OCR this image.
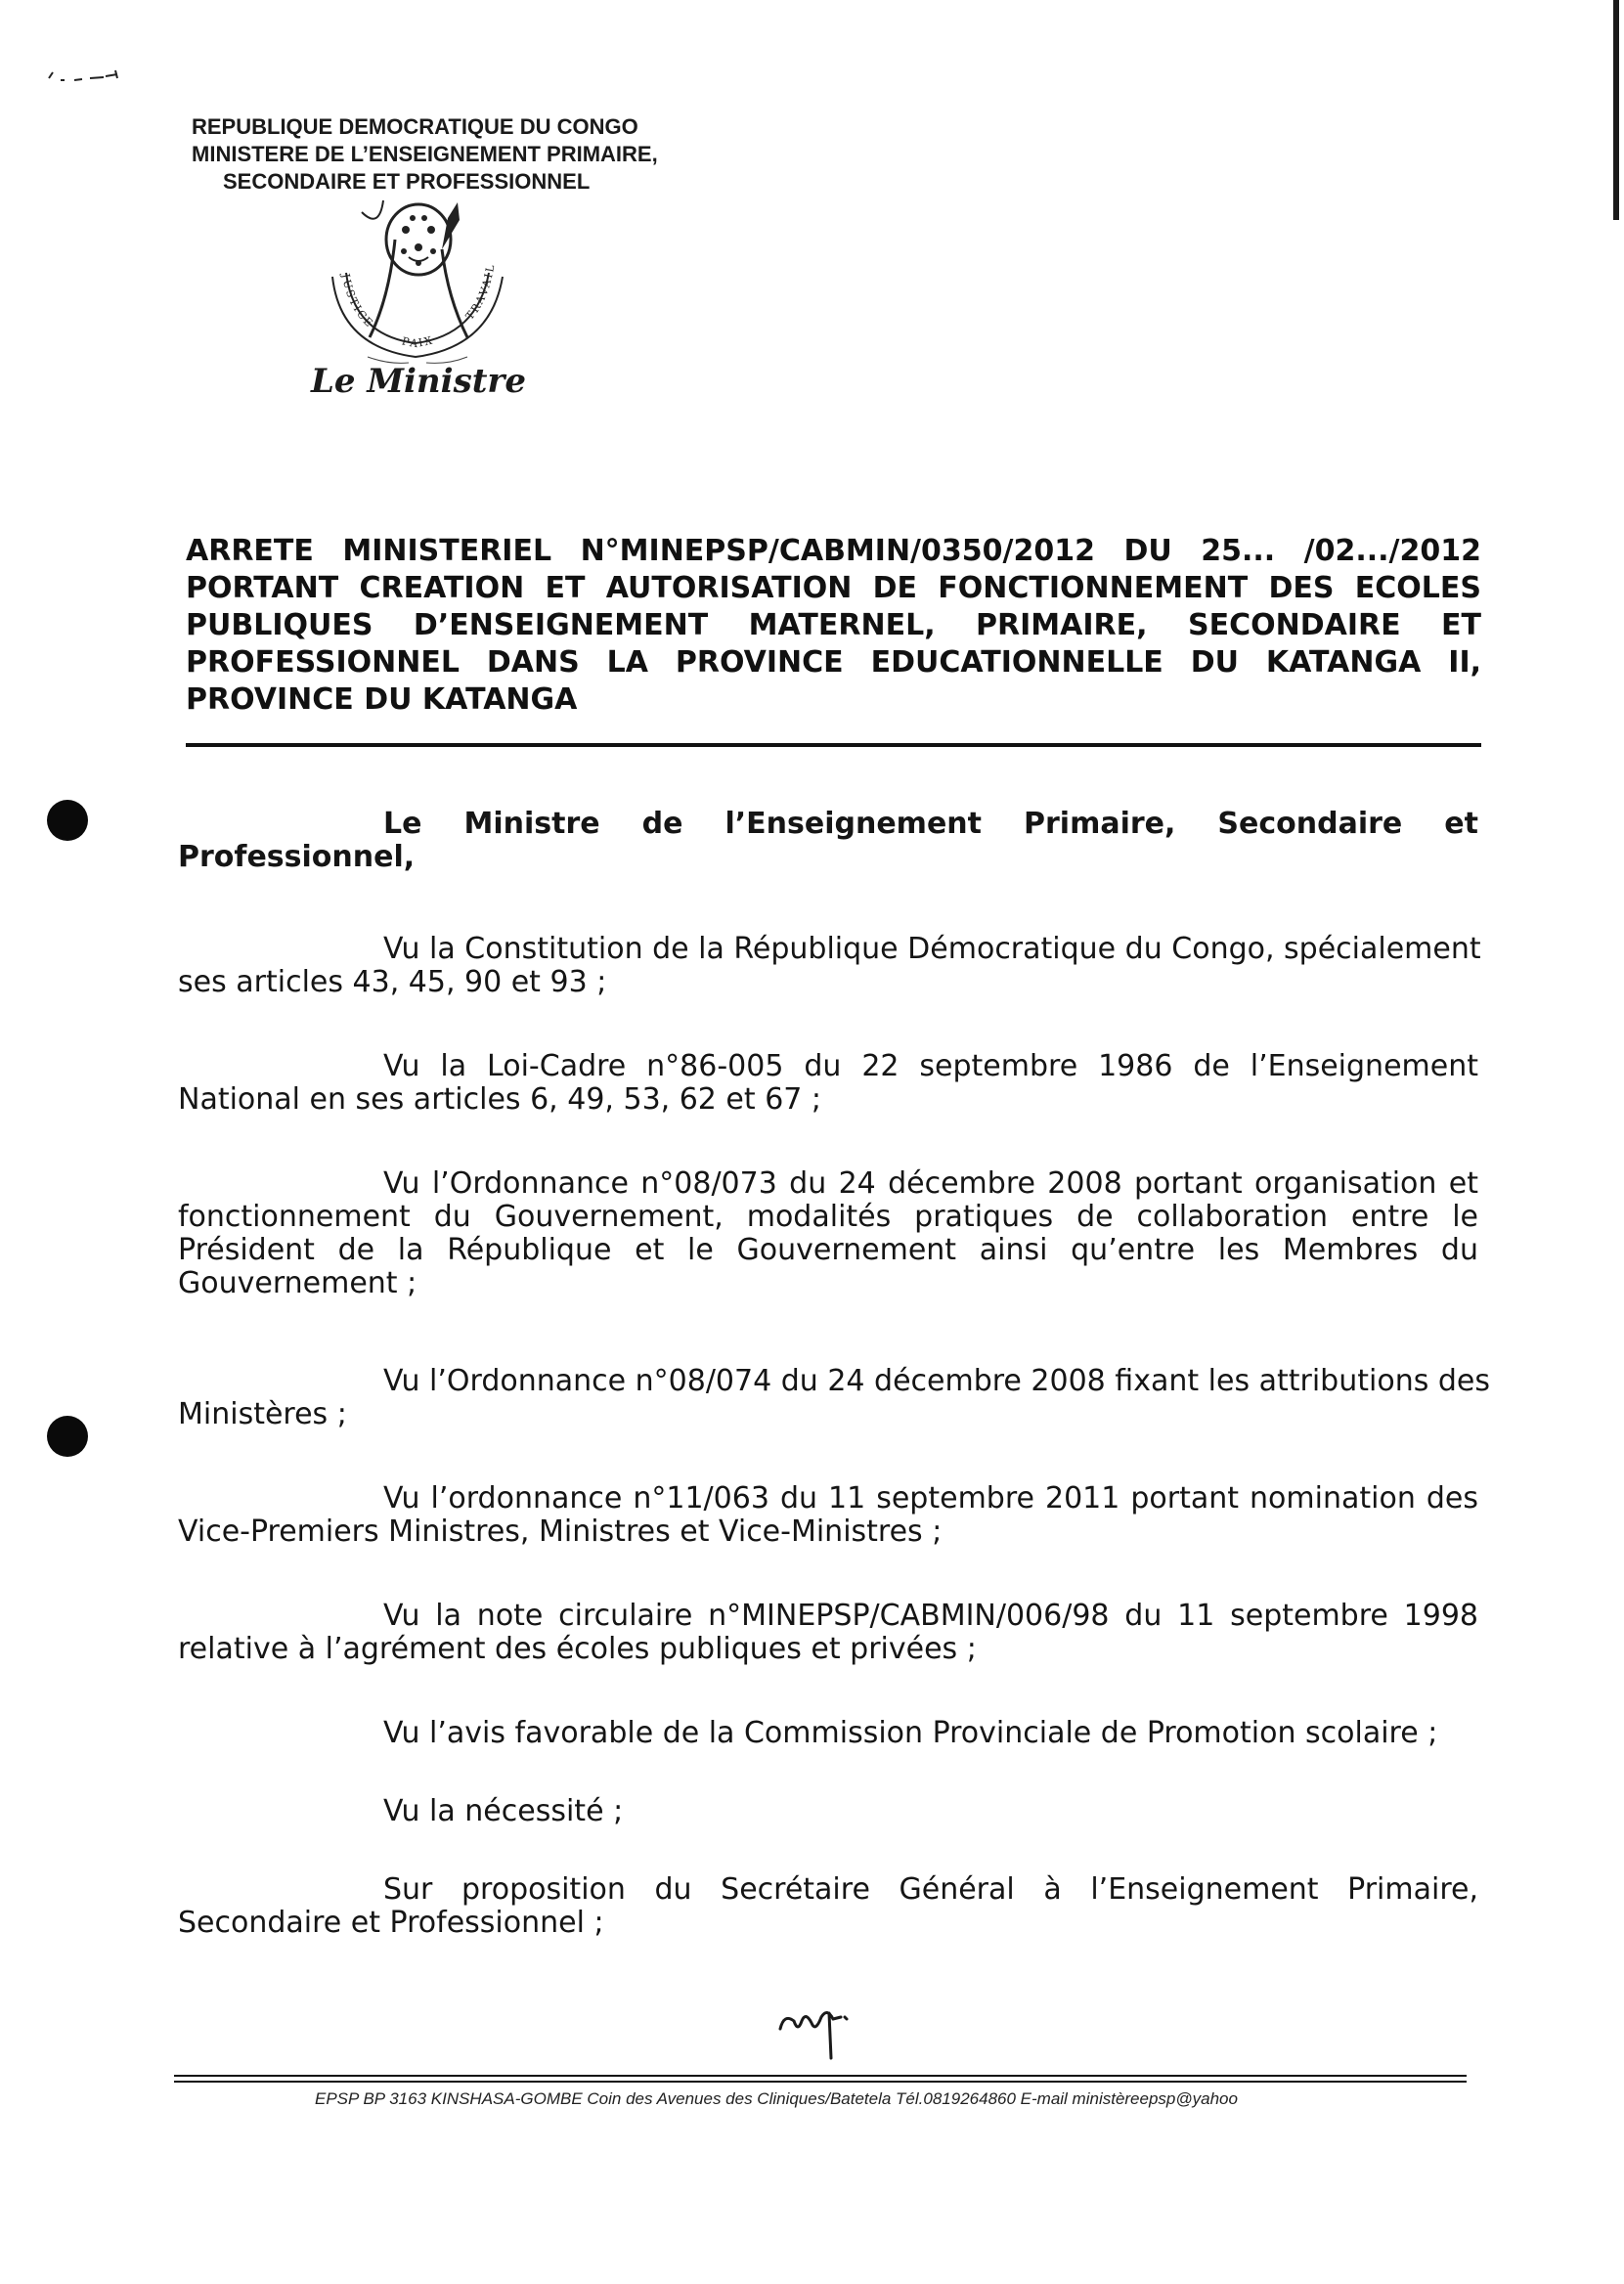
REPUBLIQUE DEMOCRATIQUE DU CONGO
MINISTERE DE L’ENSEIGNEMENT PRIMAIRE,
SECONDAIRE ET PROFESSIONNEL
JUSTICE
PAIX
TRAVAIL
Le Ministre
ARRETE MINISTERIEL N°MINEPSP/CABMIN/0350/2012 DU 25... /02.../2012
PORTANT CREATION ET AUTORISATION DE FONCTIONNEMENT DES ECOLES
PUBLIQUES D’ENSEIGNEMENT MATERNEL, PRIMAIRE, SECONDAIRE ET
PROFESSIONNEL DANS LA PROVINCE EDUCATIONNELLE DU KATANGA II,
PROVINCE DU KATANGA
Le Ministre de l’Enseignement Primaire, Secondaire et
Professionnel,
Vu la Constitution de la République Démocratique du Congo, spécialement
ses articles 43, 45, 90 et 93 ;
Vu la Loi-Cadre n°86-005 du 22 septembre 1986 de l’Enseignement
National en ses articles 6, 49, 53, 62 et 67 ;
Vu l’Ordonnance n°08/073 du 24 décembre 2008 portant organisation et
fonctionnement du Gouvernement, modalités pratiques de collaboration entre le
Président de la République et le Gouvernement ainsi qu’entre les Membres du
Gouvernement ;
Vu l’Ordonnance n°08/074 du 24 décembre 2008 fixant les attributions des
Ministères ;
Vu l’ordonnance n°11/063 du 11 septembre 2011 portant nomination des
Vice-Premiers Ministres, Ministres et Vice-Ministres ;
Vu la note circulaire n°MINEPSP/CABMIN/006/98 du 11 septembre 1998
relative à l’agrément des écoles publiques et privées ;
Vu l’avis favorable de la Commission Provinciale de Promotion scolaire ;
Vu la nécessité ;
Sur proposition du Secrétaire Général à l’Enseignement Primaire,
Secondaire et Professionnel ;
EPSP BP 3163 KINSHASA-GOMBE Coin des Avenues des Cliniques/Batetela Tél.0819264860 E-mail ministèreepsp@yahoo
